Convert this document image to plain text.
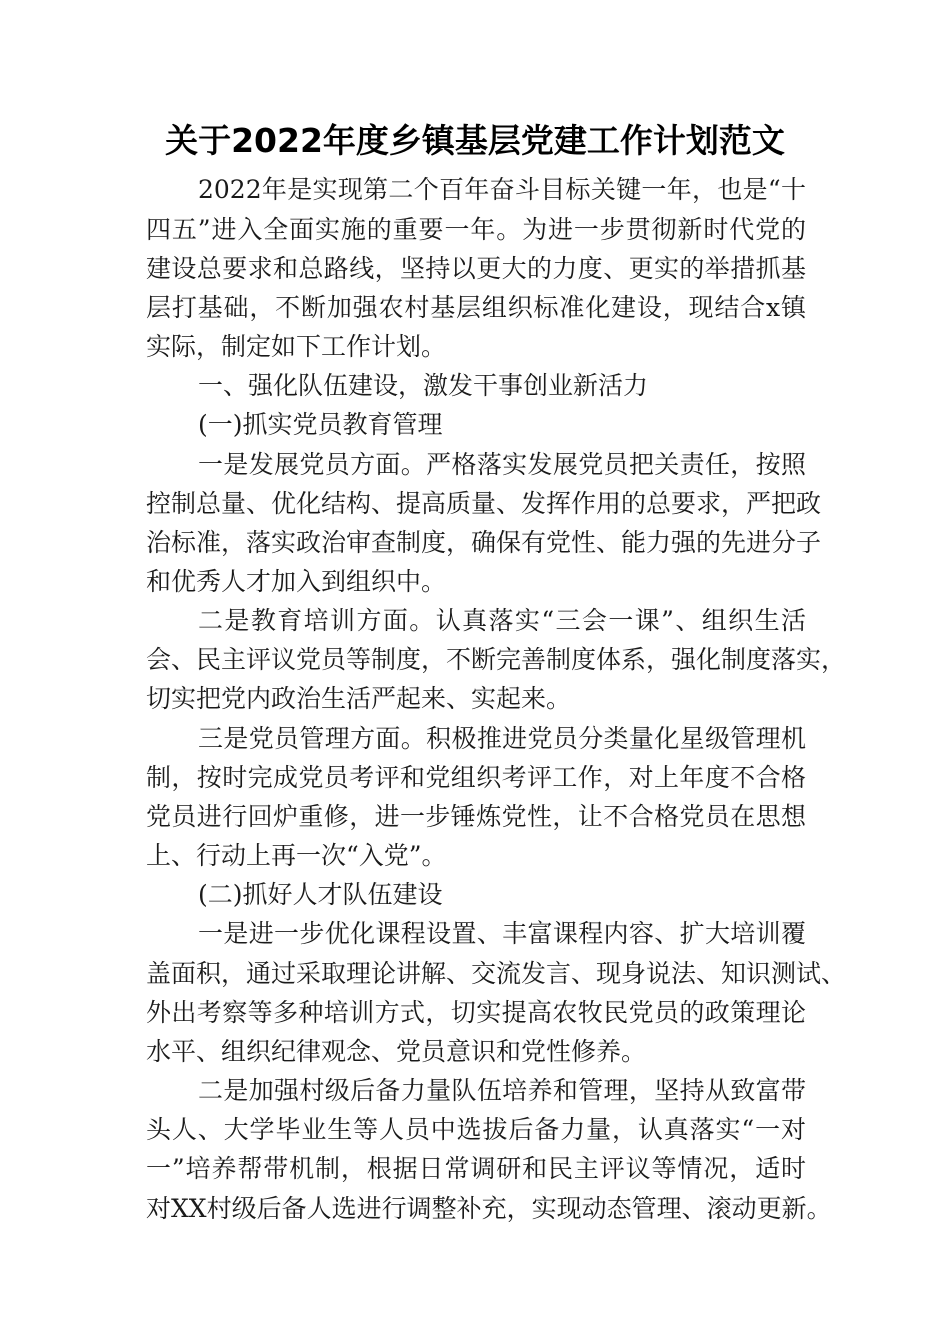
关于2022年度乡镇基层党建工作计划范文
2022年是实现第二个百年奋斗目标关键一年，也是“十
四五”进入全面实施的重要一年。为进一步贯彻新时代党的
建设总要求和总路线，坚持以更大的力度、更实的举措抓基
层打基础，不断加强农村基层组织标准化建设，现结合x镇
实际，制定如下工作计划。
一、强化队伍建设，激发干事创业新活力
(一)抓实党员教育管理
一是发展党员方面。严格落实发展党员把关责任，按照
控制总量、优化结构、提高质量、发挥作用的总要求，严把政
治标准，落实政治审查制度，确保有党性、能力强的先进分子
和优秀人才加入到组织中。
二是教育培训方面。认真落实“三会一课”、组织生活
会、民主评议党员等制度，不断完善制度体系，强化制度落实，
切实把党内政治生活严起来、实起来。
三是党员管理方面。积极推进党员分类量化星级管理机
制，按时完成党员考评和党组织考评工作，对上年度不合格
党员进行回炉重修，进一步锤炼党性，让不合格党员在思想
上、行动上再一次“入党”。
(二)抓好人才队伍建设
一是进一步优化课程设置、丰富课程内容、扩大培训覆
盖面积，通过采取理论讲解、交流发言、现身说法、知识测试、
外出考察等多种培训方式，切实提高农牧民党员的政策理论
水平、组织纪律观念、党员意识和党性修养。
二是加强村级后备力量队伍培养和管理，坚持从致富带
头人、大学毕业生等人员中选拔后备力量，认真落实“一对
一”培养帮带机制，根据日常调研和民主评议等情况，适时
对XX村级后备人选进行调整补充，实现动态管理、滚动更新。
